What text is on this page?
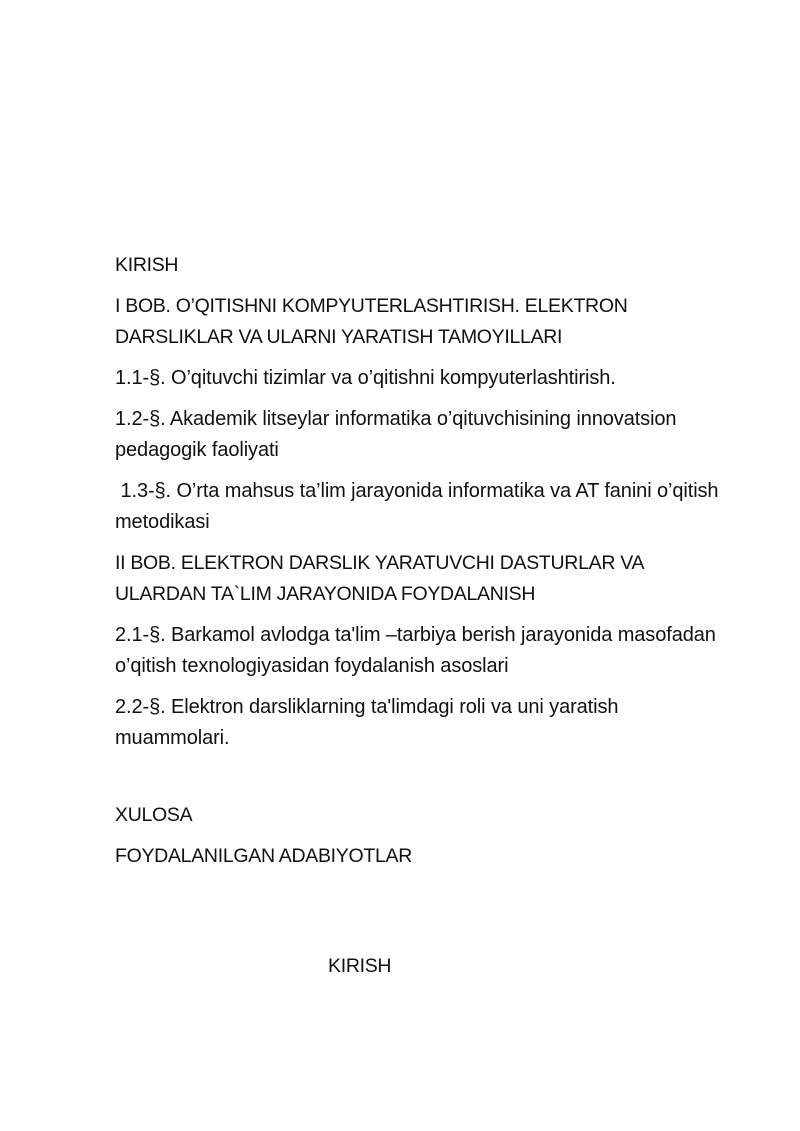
KIRISH

I BOB. O’QITISHNI KOMPYUTERLASHTIRISH. ELEKTRON DARSLIKLAR VA ULARNI YARATISH TAMOYILLARI

1.1-§. O’qituvchi tizimlar va o’qitishni kompyuterlashtirish.

1.2-§. Akademik litseylar informatika o’qituvchisining innovatsion pedagogik faoliyati

1.3-§. O’rta mahsus ta’lim jarayonida informatika va AT fanini o’qitish metodikasi

II BOB. ELEKTRON DARSLIK YARATUVCHI DASTURLAR VA ULARDAN TA`LIM JARAYONIDA FOYDALANISH

2.1-§. Barkamol avlodga ta'lim –tarbiya berish jarayonida masofadan o’qitish texnologiyasidan foydalanish asoslari

2.2-§. Elektron darsliklarning ta'limdagi roli va uni yaratish muammolari.

XULOSA

FOYDALANILGAN ADABIYOTLAR

KIRISH
